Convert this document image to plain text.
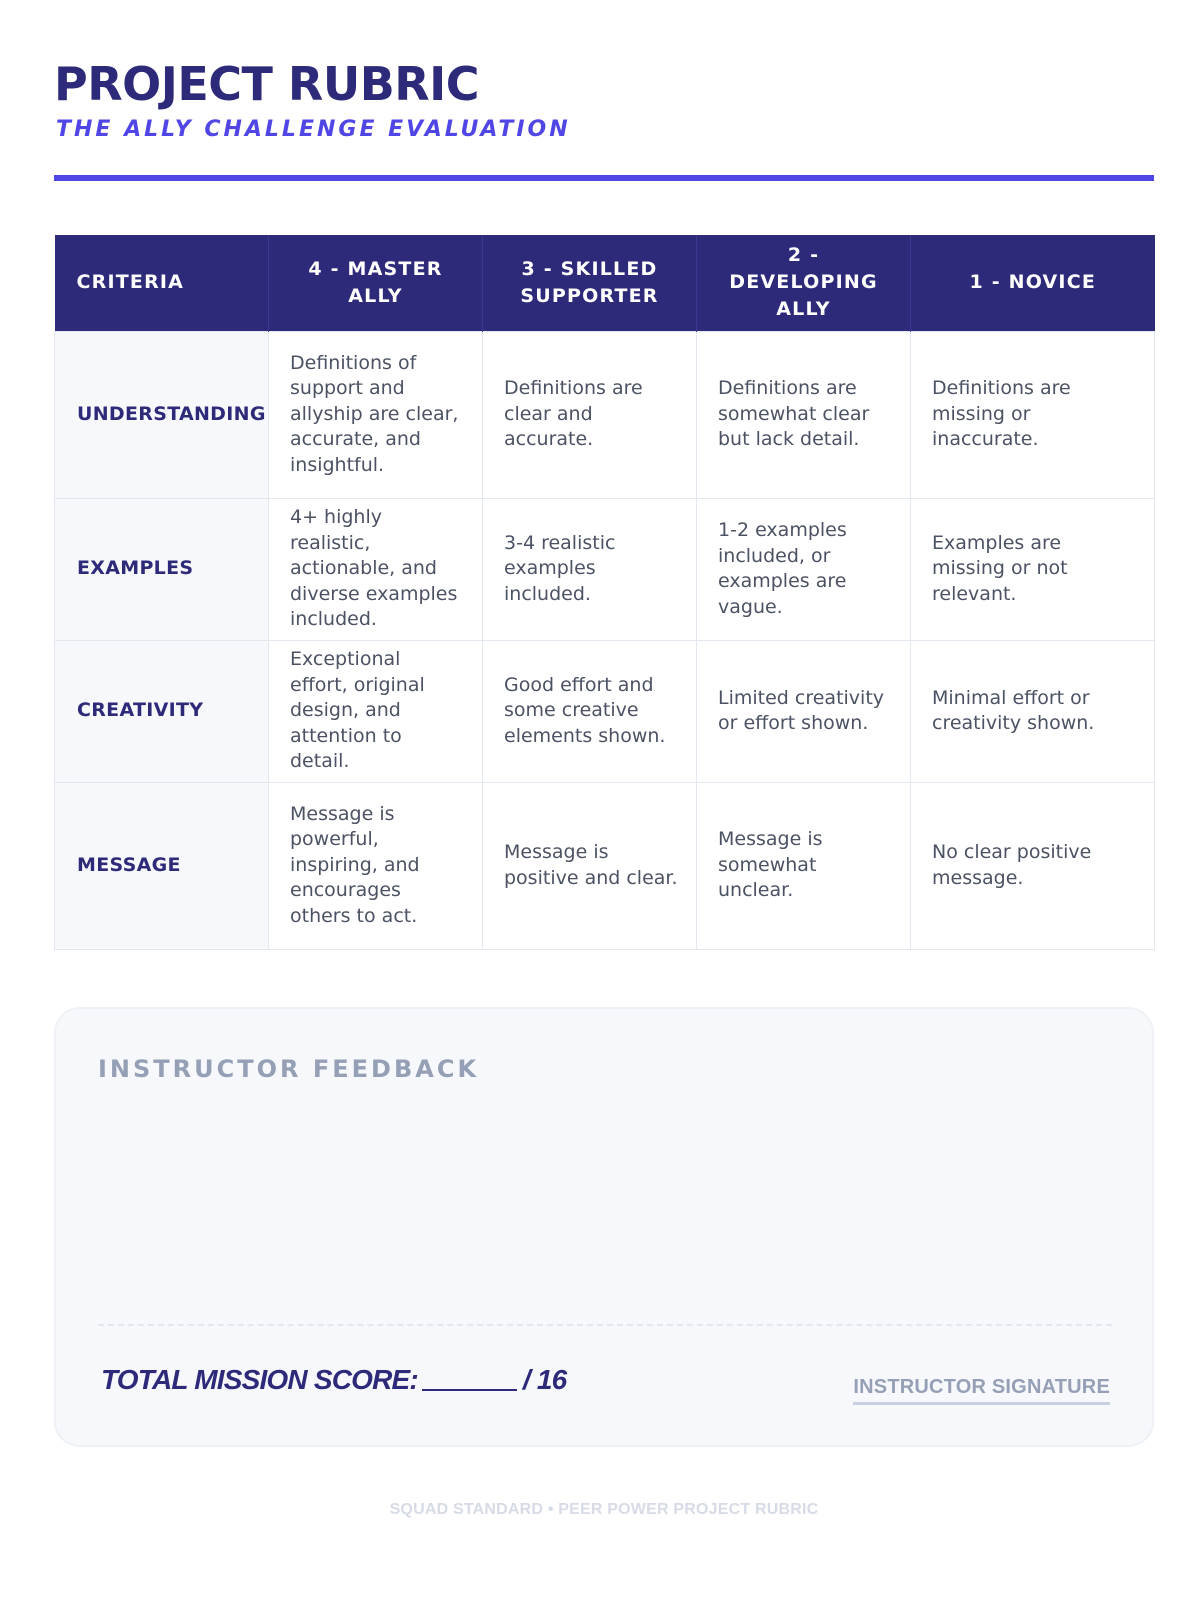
PROJECT RUBRIC
THE ALLY CHALLENGE EVALUATION
CRITERIA	4 - MASTER ALLY	3 - SKILLED SUPPORTER	2 - DEVELOPING ALLY	1 - NOVICE
UNDERSTANDING	Definitions of support and allyship are clear, accurate, and insightful.	Definitions are clear and accurate.	Definitions are somewhat clear but lack detail.	Definitions are missing or inaccurate.
EXAMPLES	4+ highly realistic, actionable, and diverse examples included.	3-4 realistic examples included.	1-2 examples included, or examples are vague.	Examples are missing or not relevant.
CREATIVITY	Exceptional effort, original design, and attention to detail.	Good effort and some creative elements shown.	Limited creativity or effort shown.	Minimal effort or creativity shown.
MESSAGE	Message is powerful, inspiring, and encourages others to act.	Message is positive and clear.	Message is somewhat unclear.	No clear positive message.
INSTRUCTOR FEEDBACK
TOTAL MISSION SCORE:	/ 16	INSTRUCTOR SIGNATURE
SQUAD STANDARD • PEER POWER PROJECT RUBRIC
